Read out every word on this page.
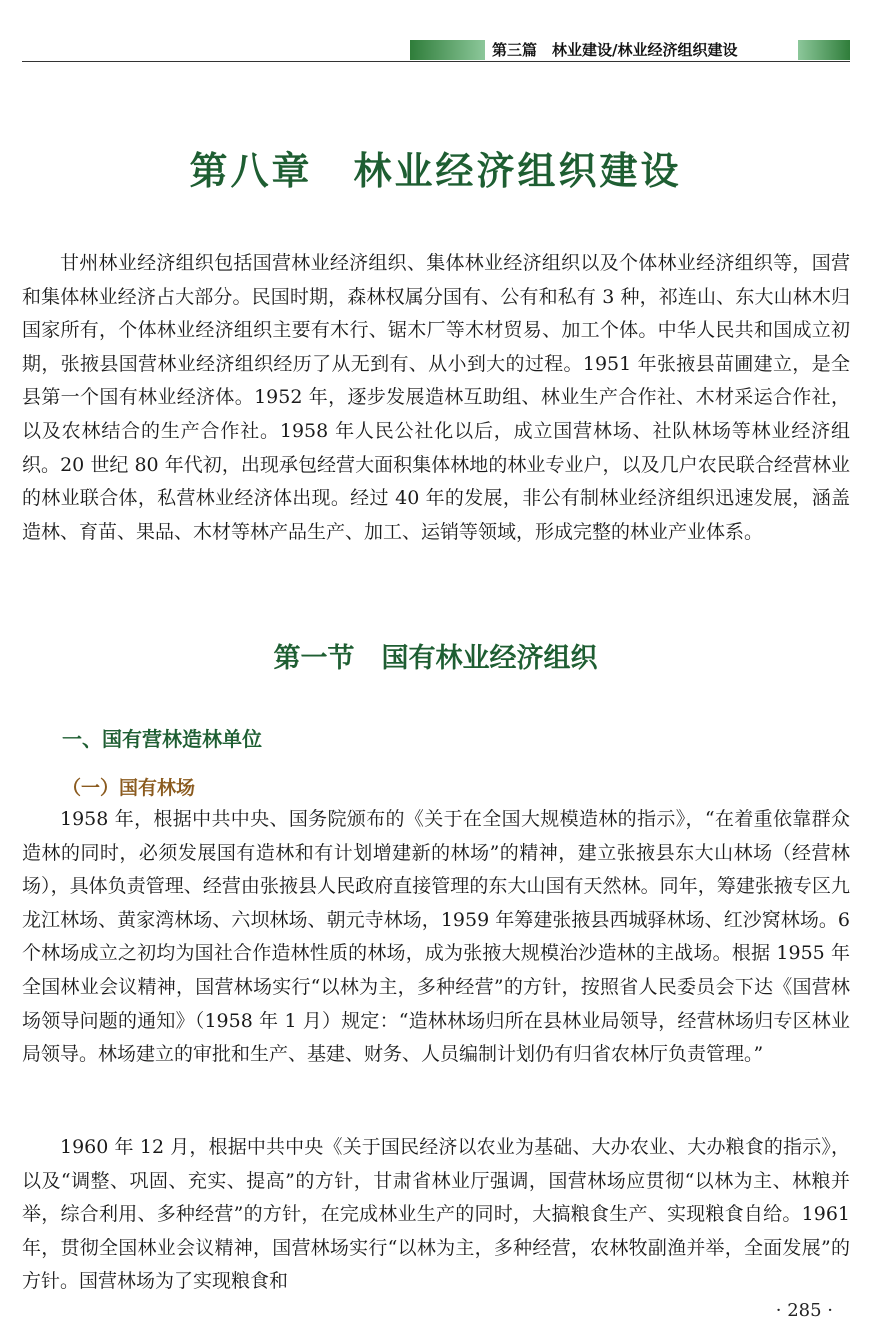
第三篇　林业建设/林业经济组织建设
第八章　林业经济组织建设

甘州林业经济组织包括国营林业经济组织、集体林业经济组织以及个体林业经济组织等，国营和集体林业经济占大部分。民国时期，森林权属分国有、公有和私有 3 种，祁连山、东大山林木归国家所有，个体林业经济组织主要有木行、锯木厂等木材贸易、加工个体。中华人民共和国成立初期，张掖县国营林业经济组织经历了从无到有、从小到大的过程。1951 年张掖县苗圃建立，是全县第一个国有林业经济体。1952 年，逐步发展造林互助组、林业生产合作社、木材采运合作社，以及农林结合的生产合作社。1958 年人民公社化以后，成立国营林场、社队林场等林业经济组织。20 世纪 80 年代初，出现承包经营大面积集体林地的林业专业户，以及几户农民联合经营林业的林业联合体，私营林业经济体出现。经过 40 年的发展，非公有制林业经济组织迅速发展，涵盖造林、育苗、果品、木材等林产品生产、加工、运销等领域，形成完整的林业产业体系。

第一节　国有林业经济组织
一、国有营林造林单位
（一）国有林场

1958 年，根据中共中央、国务院颁布的《关于在全国大规模造林的指示》，“在着重依靠群众造林的同时，必须发展国有造林和有计划增建新的林场”的精神，建立张掖县东大山林场（经营林场），具体负责管理、经营由张掖县人民政府直接管理的东大山国有天然林。同年，筹建张掖专区九龙江林场、黄家湾林场、六坝林场、朝元寺林场，1959 年筹建张掖县西城驿林场、红沙窝林场。6 个林场成立之初均为国社合作造林性质的林场，成为张掖大规模治沙造林的主战场。根据 1955 年全国林业会议精神，国营林场实行“以林为主，多种经营”的方针，按照省人民委员会下达《国营林场领导问题的通知》（1958 年 1 月）规定：“造林林场归所在县林业局领导，经营林场归专区林业局领导。林场建立的审批和生产、基建、财务、人员编制计划仍有归省农林厅负责管理。”

1960 年 12 月，根据中共中央《关于国民经济以农业为基础、大办农业、大办粮食的指示》，以及“调整、巩固、充实、提高”的方针，甘肃省林业厅强调，国营林场应贯彻“以林为主、林粮并举，综合利用、多种经营”的方针，在完成林业生产的同时，大搞粮食生产、实现粮食自给。1961 年，贯彻全国林业会议精神，国营林场实行“以林为主，多种经营，农林牧副渔并举，全面发展”的方针。国营林场为了实现粮食和

· 285 ·
